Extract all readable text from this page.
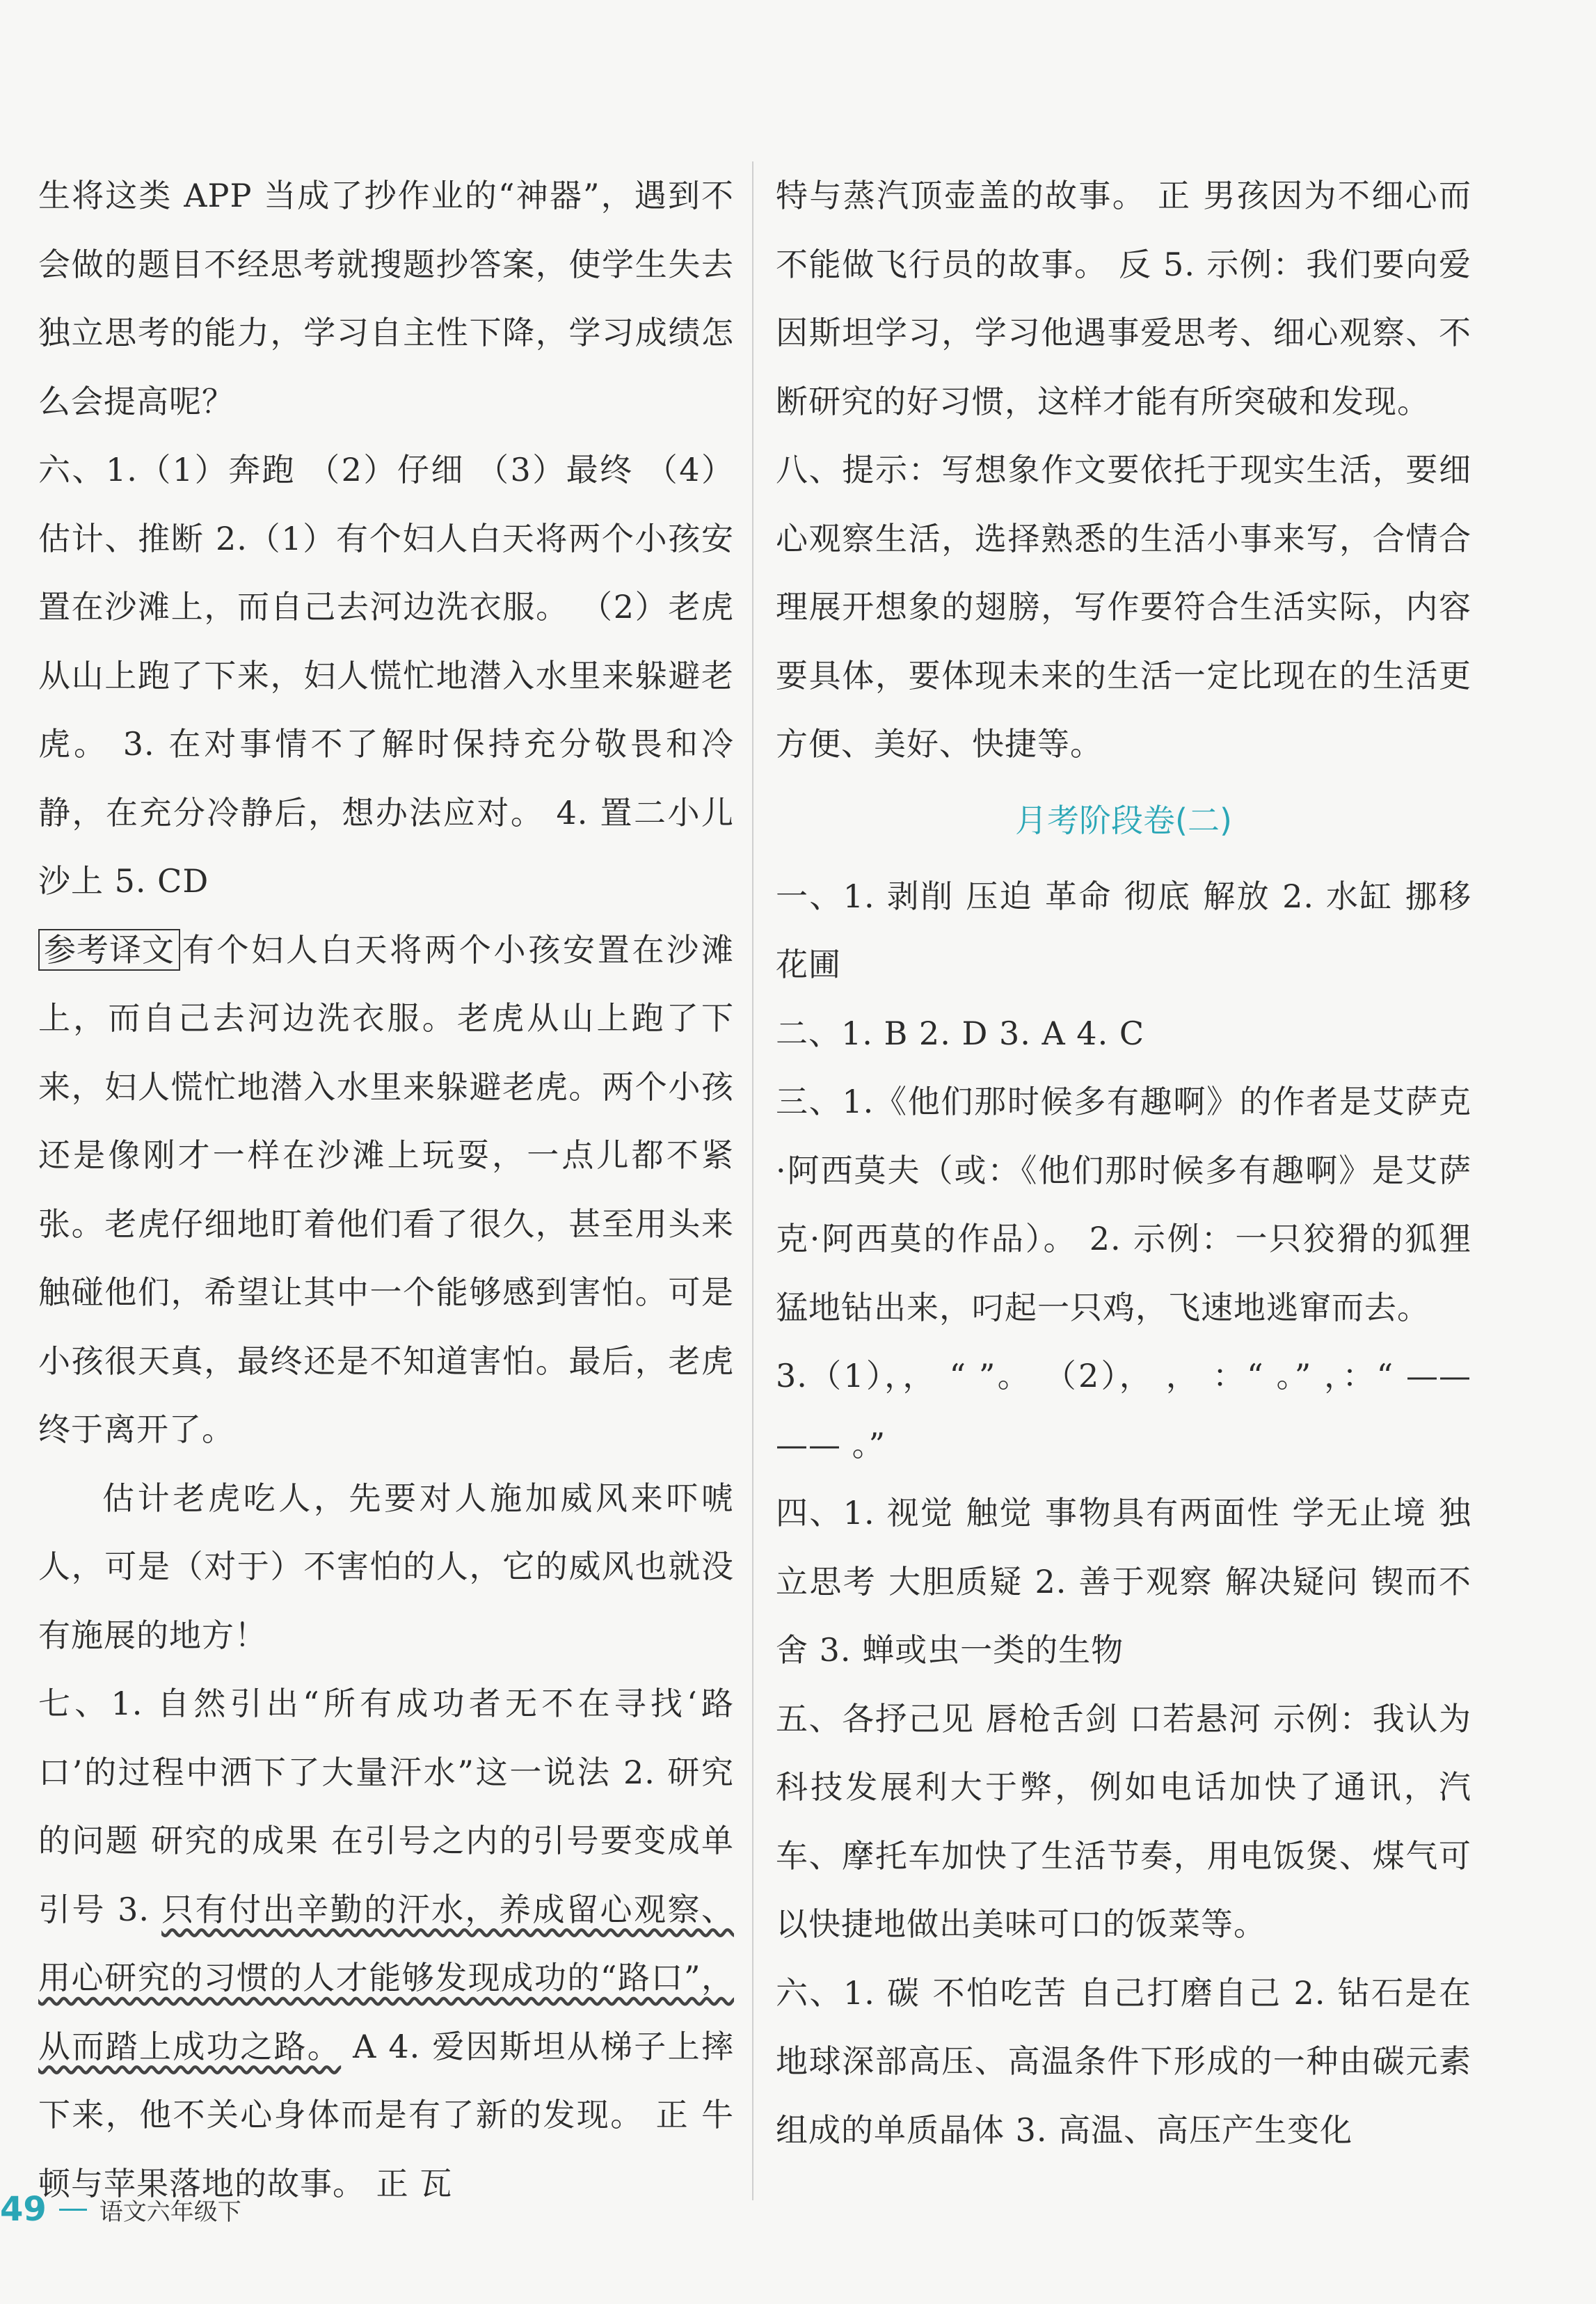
生将这类 APP 当成了抄作业的“神器”，遇到不会做的题目不经思考就搜题抄答案，使学生失去独立思考的能力，学习自主性下降，学习成绩怎么会提高呢？

六、1.（1）奔跑 （2）仔细 （3）最终 （4）估计、推断 2.（1）有个妇人白天将两个小孩安置在沙滩上，而自己去河边洗衣服。 （2）老虎从山上跑了下来，妇人慌忙地潜入水里来躲避老虎。 3. 在对事情不了解时保持充分敬畏和冷静，在充分冷静后，想办法应对。 4. 置二小儿沙上 5. CD

参考译文 有个妇人白天将两个小孩安置在沙滩上，而自己去河边洗衣服。老虎从山上跑了下来，妇人慌忙地潜入水里来躲避老虎。两个小孩还是像刚才一样在沙滩上玩耍，一点儿都不紧张。老虎仔细地盯着他们看了很久，甚至用头来触碰他们，希望让其中一个能够感到害怕。可是小孩很天真，最终还是不知道害怕。最后，老虎终于离开了。

估计老虎吃人，先要对人施加威风来吓唬人，可是（对于）不害怕的人，它的威风也就没有施展的地方！

七、1. 自然引出“所有成功者无不在寻找‘路口’的过程中洒下了大量汗水”这一说法 2. 研究的问题 研究的成果 在引号之内的引号要变成单引号 3. 只有付出辛勤的汗水，养成留心观察、用心研究的习惯的人才能够发现成功的“路口”，从而踏上成功之路。 A 4. 爱因斯坦从梯子上摔下来，他不关心身体而是有了新的发现。 正 牛顿与苹果落地的故事。 正 瓦

特与蒸汽顶壶盖的故事。 正 男孩因为不细心而不能做飞行员的故事。 反 5. 示例：我们要向爱因斯坦学习，学习他遇事爱思考、细心观察、不断研究的好习惯，这样才能有所突破和发现。

八、提示：写想象作文要依托于现实生活，要细心观察生活，选择熟悉的生活小事来写，合情合理展开想象的翅膀，写作要符合生活实际，内容要具体，要体现未来的生活一定比现在的生活更方便、美好、快捷等。

月考阶段卷(二)

一、1. 剥削 压迫 革命 彻底 解放 2. 水缸 挪移 花圃

二、1. B 2. D 3. A 4. C

三、1.《他们那时候多有趣啊》的作者是艾萨克·阿西莫夫（或：《他们那时候多有趣啊》是艾萨克·阿西莫的作品）。 2. 示例：一只狡猾的狐狸猛地钻出来，叼起一只鸡，飞速地逃窜而去。

3.（1），， “ ”。 （2）， ， ：“ 。” ，：“ —— —— 。”

四、1. 视觉 触觉 事物具有两面性 学无止境 独立思考 大胆质疑 2. 善于观察 解决疑问 锲而不舍 3. 蝉或虫一类的生物

五、各抒己见 唇枪舌剑 口若悬河 示例：我认为科技发展利大于弊，例如电话加快了通讯，汽车、摩托车加快了生活节奏，用电饭煲、煤气可以快捷地做出美味可口的饭菜等。

六、1. 碳 不怕吃苦 自己打磨自己 2. 钻石是在地球深部高压、高温条件下形成的一种由碳元素组成的单质晶体 3. 高温、高压产生变化

49 语文六年级下
